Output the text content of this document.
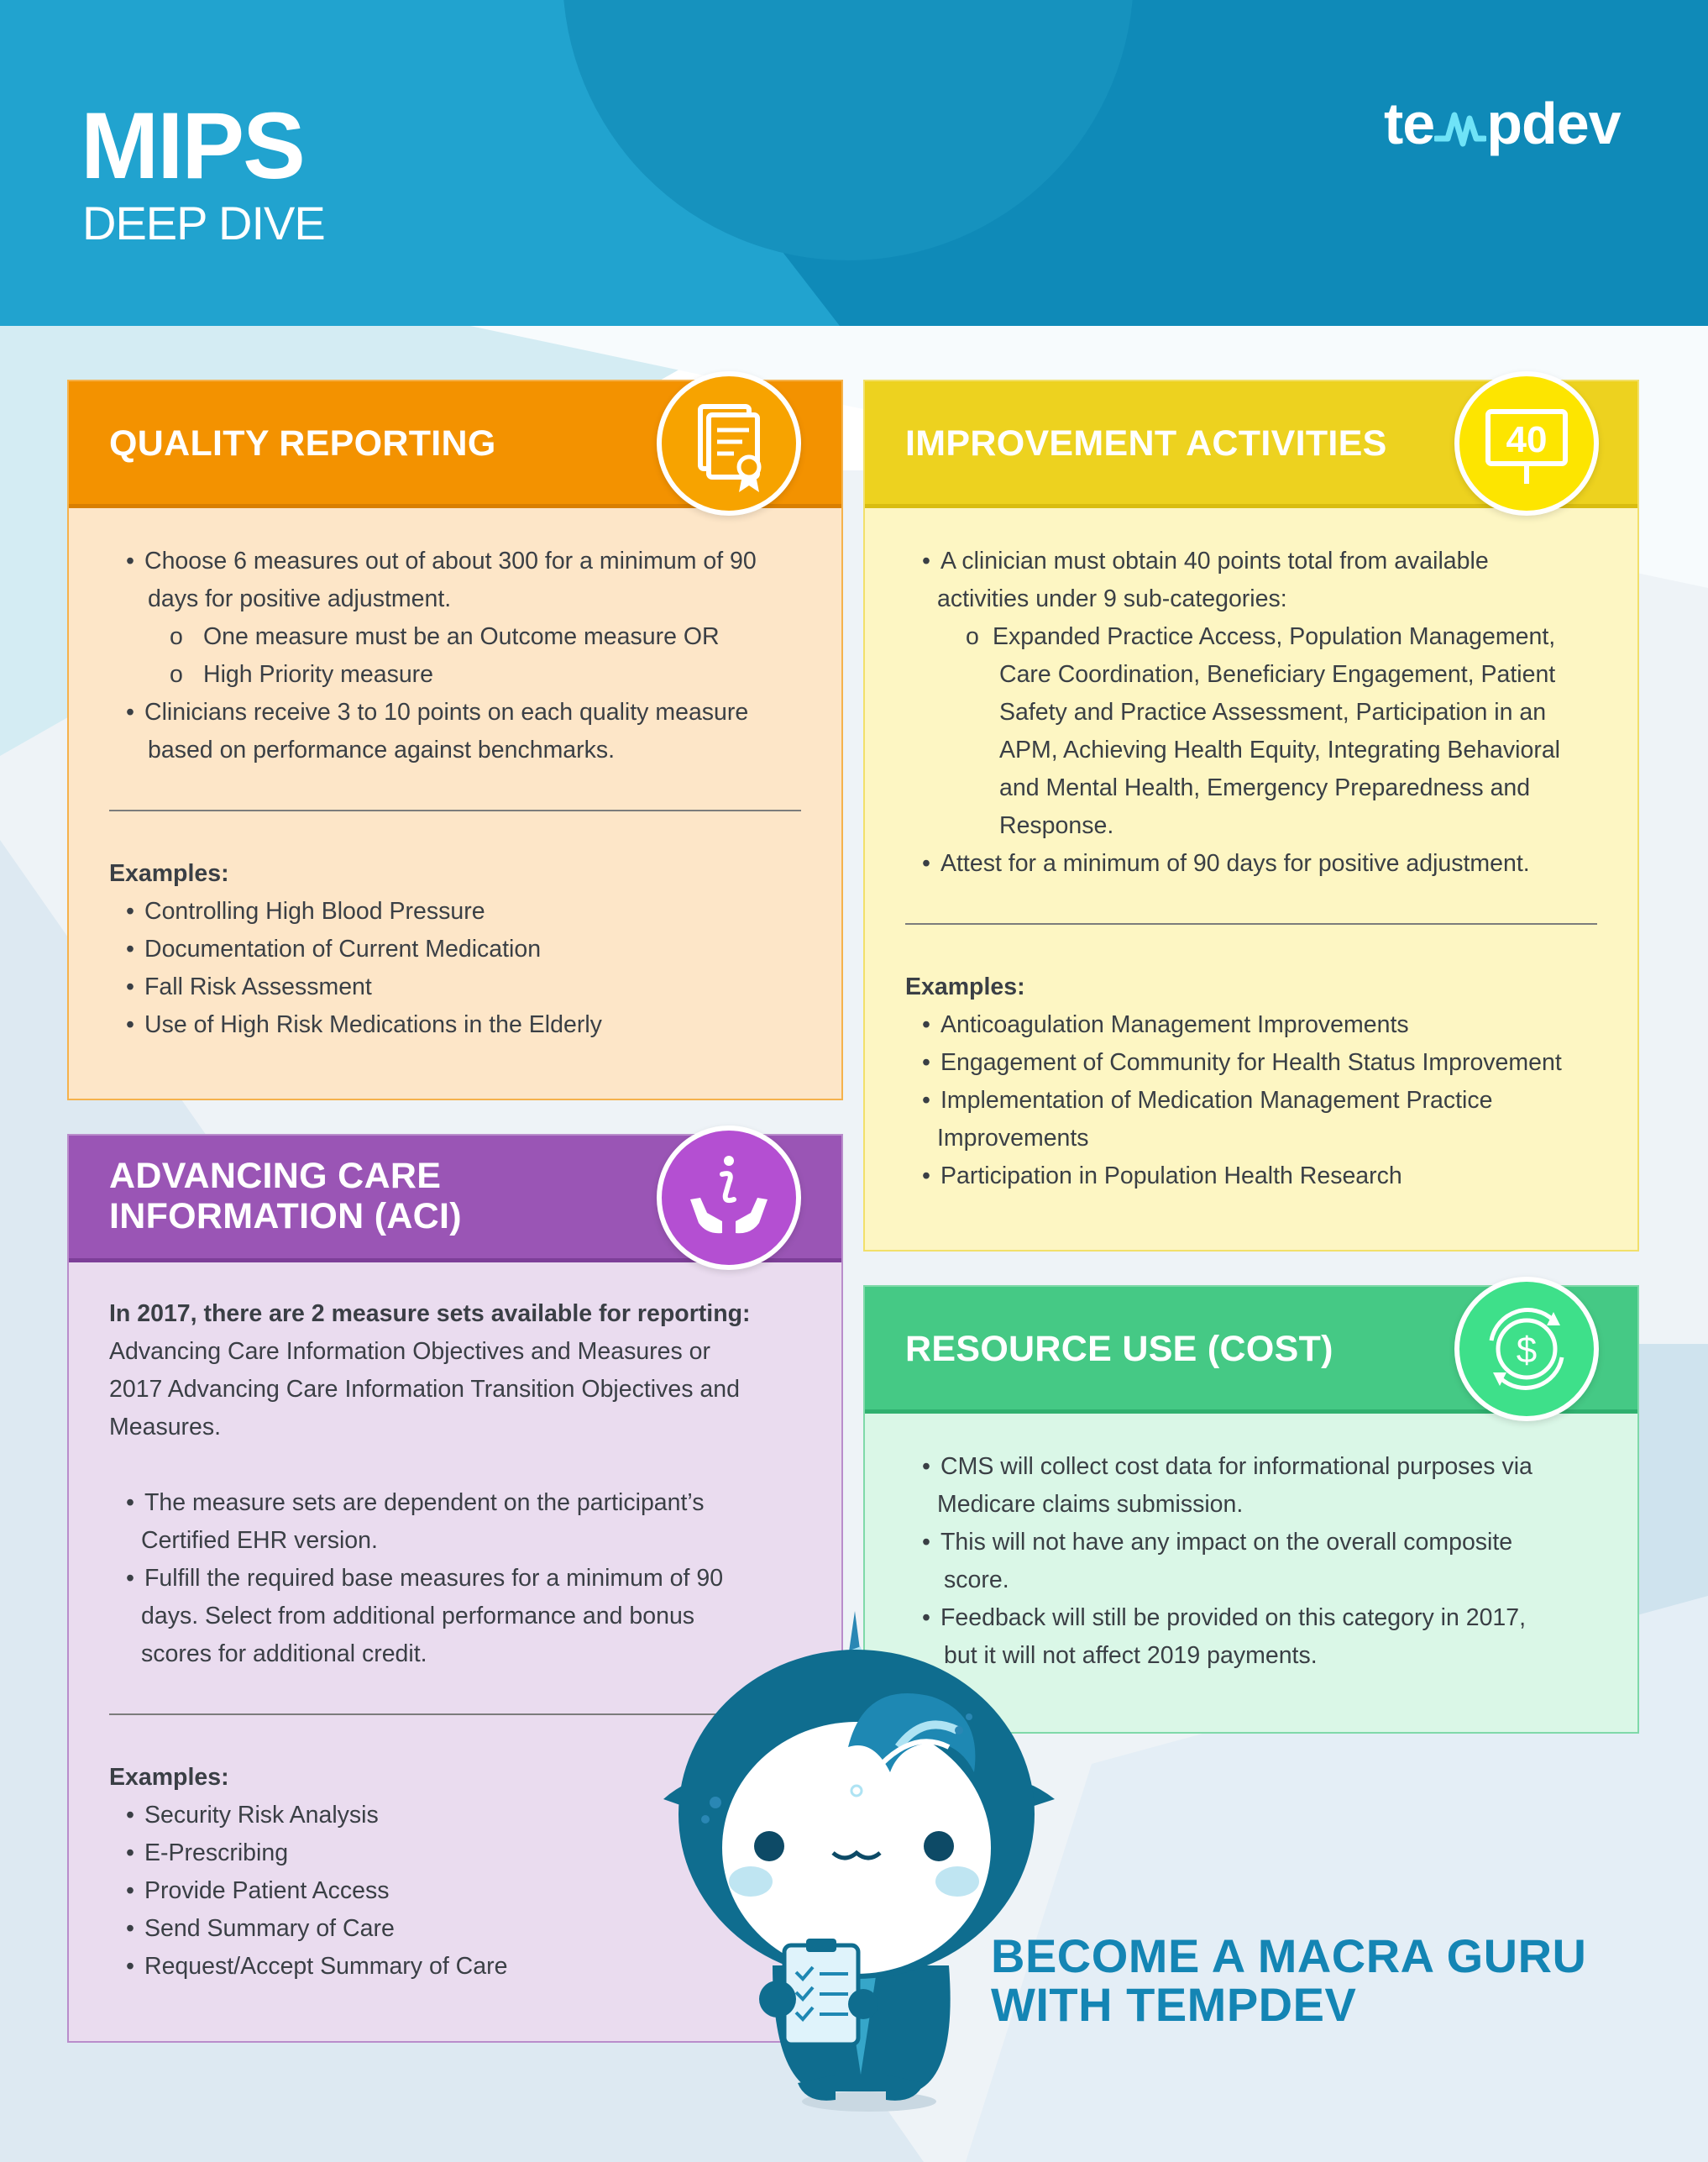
MIPS
DEEP DIVE
te pdev
QUALITY REPORTING
• Choose 6 measures out of about 300 for a minimum of 90
days for positive adjustment.
o One measure must be an Outcome measure OR
o High Priority measure
• Clinicians receive 3 to 10 points on each quality measure
based on performance against benchmarks.
Examples:
• Controlling High Blood Pressure
• Documentation of Current Medication
• Fall Risk Assessment
• Use of High Risk Medications in the Elderly
IMPROVEMENT ACTIVITIES	40
• A clinician must obtain 40 points total from available
activities under 9 sub-categories:
o Expanded Practice Access, Population Management,
Care Coordination, Beneficiary Engagement, Patient
Safety and Practice Assessment, Participation in an
APM, Achieving Health Equity, Integrating Behavioral
and Mental Health, Emergency Preparedness and
Response.
• Attest for a minimum of 90 days for positive adjustment.
Examples:
• Anticoagulation Management Improvements
• Engagement of Community for Health Status Improvement
• Implementation of Medication Management Practice
Improvements
• Participation in Population Health Research
ADVANCING CARE
INFORMATION (ACI)
In 2017, there are 2 measure sets available for reporting:
Advancing Care Information Objectives and Measures or
2017 Advancing Care Information Transition Objectives and
Measures.
• The measure sets are dependent on the participant’s
Certified EHR version.
• Fulfill the required base measures for a minimum of 90
days. Select from additional performance and bonus
scores for additional credit.
Examples:
• Security Risk Analysis
• E-Prescribing
• Provide Patient Access
• Send Summary of Care
• Request/Accept Summary of Care
RESOURCE USE (COST)	$
• CMS will collect cost data for informational purposes via
Medicare claims submission.
• This will not have any impact on the overall composite
score.
• Feedback will still be provided on this category in 2017,
but it will not affect 2019 payments.
BECOME A MACRA GURU
WITH TEMPDEV
